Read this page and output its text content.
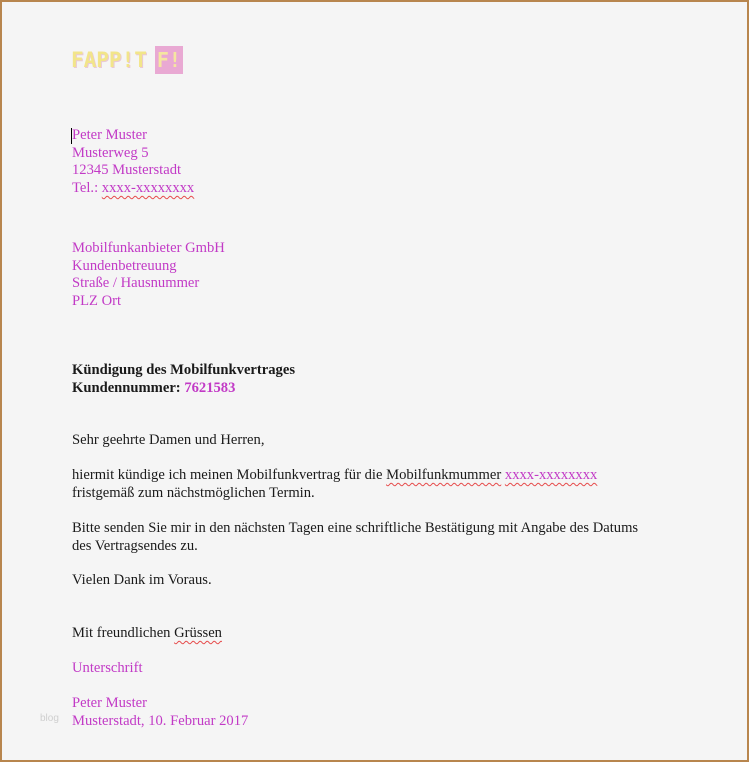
FAPP!T F!
Peter Muster
Musterweg 5
12345 Musterstadt
Tel.: xxxx-xxxxxxxx
Mobilfunkanbieter GmbH
Kundenbetreuung
Straße / Hausnummer
PLZ Ort
Kündigung des Mobilfunkvertrages
Kundennummer: 7621583
Sehr geehrte Damen und Herren,
hiermit kündige ich meinen Mobilfunkvertrag für die Mobilfunkmummer xxxx-xxxxxxxx
fristgemäß zum nächstmöglichen Termin.
Bitte senden Sie mir in den nächsten Tagen eine schriftliche Bestätigung mit Angabe des Datums
des Vertragsendes zu.
Vielen Dank im Voraus.
Mit freundlichen Grüssen
Unterschrift
Peter Muster
Musterstadt, 10. Februar 2017
blog
